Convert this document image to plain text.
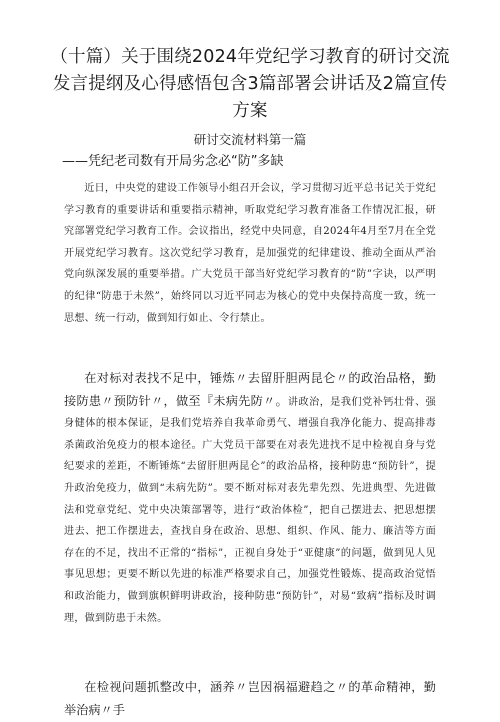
（十篇）关于围绕2024年党纪学习教育的研讨交流发言提纲及心得感悟包含3篇部署会讲话及2篇宣传方案
研讨交流材料第一篇
——凭纪老司数有开局劣念必“防”多缺
近日，中央党的建设工作领导小组召开会议，学习贯彻习近平总书记关于党纪学习教育的重要讲话和重要指示精神，听取党纪学习教育准备工作情况汇报，研究部署党纪学习教育工作。会议指出，经党中央同意，自2024年4月至7月在全党开展党纪学习教育。这次党纪学习教育，是加强党的纪律建设、推动全面从严治党向纵深发展的重要举措。广大党员干部当好党纪学习教育的“防”字诀，以严明的纪律“防患于未然”，始终同以习近平同志为核心的党中央保持高度一致，统一思想、统一行动，做到知行如止、令行禁止。
在对标对表找不足中，锤炼〃去留肝胆两昆仑〃的政治品格，勤接防患〃预防针〃，做至『未病先防〃。讲政治，是我们党补钙壮骨、强身健体的根本保证，是我们党培养自我革命勇气、增强自我净化能力、提高排毒杀菌政治免疫力的根本途径。广大党员干部要在对表先进找不足中检视自身与党纪要求的差距，不断锤炼“去留肝胆两昆仑”的政治品格，接种防患“预防针”，提升政治免疫力，做到“未病先防”。要不断对标对表先辈先烈、先进典型、先进做法和党章党纪、党中央决策部署等，进行“政治体检”，把自己摆进去、把思想摆进去、把工作摆进去，查找自身在政治、思想、组织、作风、能力、廉洁等方面存在的不足，找出不正常的“指标”，正视自身处于“亚健康”的问题，做到见人见事见思想；更要不断以先进的标准严格要求自己，加强党性锻炼、提高政治觉悟和政治能力，做到旗帜鲜明讲政治，接种防患“预防针”，对易“致病”指标及时调理，做到防患于未然。
在检视问题抓整改中，涵养〃岂因祸福避趋之〃的革命精神，勤举治病〃手
